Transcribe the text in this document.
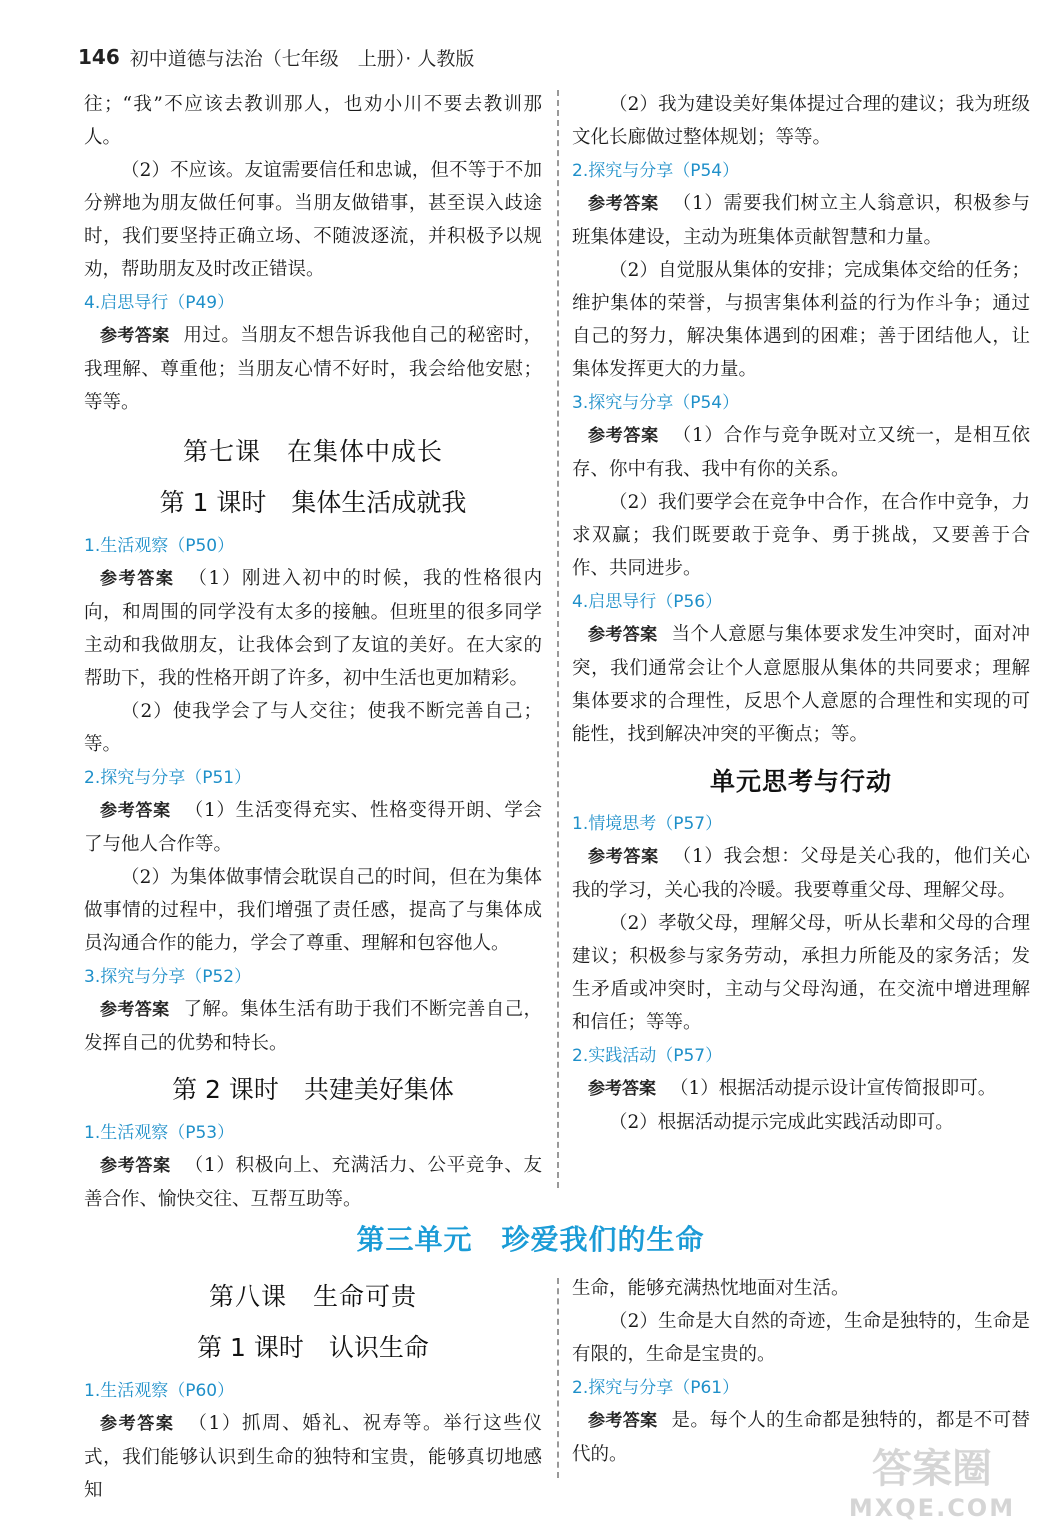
146 初中道德与法治（七年级　上册）· 人教版

往；“我”不应该去教训那人，也劝小川不要去教训那人。

（2）不应该。友谊需要信任和忠诚，但不等于不加分辨地为朋友做任何事。当朋友做错事，甚至误入歧途时，我们要坚持正确立场、不随波逐流，并积极予以规劝，帮助朋友及时改正错误。

4.启思导行（P49）

参考答案 用过。当朋友不想告诉我他自己的秘密时，我理解、尊重他；当朋友心情不好时，我会给他安慰；等等。

第七课　在集体中成长
第 1 课时　集体生活成就我
1.生活观察（P50）

参考答案 （1）刚进入初中的时候，我的性格很内向，和周围的同学没有太多的接触。但班里的很多同学主动和我做朋友，让我体会到了友谊的美好。在大家的帮助下，我的性格开朗了许多，初中生活也更加精彩。

（2）使我学会了与人交往；使我不断完善自己；等。

2.探究与分享（P51）

参考答案 （1）生活变得充实、性格变得开朗、学会了与他人合作等。

（2）为集体做事情会耽误自己的时间，但在为集体做事情的过程中，我们增强了责任感，提高了与集体成员沟通合作的能力，学会了尊重、理解和包容他人。

3.探究与分享（P52）

参考答案 了解。集体生活有助于我们不断完善自己，发挥自己的优势和特长。

第 2 课时　共建美好集体
1.生活观察（P53）

参考答案 （1）积极向上、充满活力、公平竞争、友善合作、愉快交往、互帮互助等。

（2）我为建设美好集体提过合理的建议；我为班级文化长廊做过整体规划；等等。

2.探究与分享（P54）

参考答案 （1）需要我们树立主人翁意识，积极参与班集体建设，主动为班集体贡献智慧和力量。

（2）自觉服从集体的安排；完成集体交给的任务；维护集体的荣誉，与损害集体利益的行为作斗争；通过自己的努力，解决集体遇到的困难；善于团结他人，让集体发挥更大的力量。

3.探究与分享（P54）

参考答案 （1）合作与竞争既对立又统一，是相互依存、你中有我、我中有你的关系。

（2）我们要学会在竞争中合作，在合作中竞争，力求双赢；我们既要敢于竞争、勇于挑战，又要善于合作、共同进步。

4.启思导行（P56）

参考答案 当个人意愿与集体要求发生冲突时，面对冲突，我们通常会让个人意愿服从集体的共同要求；理解集体要求的合理性，反思个人意愿的合理性和实现的可能性，找到解决冲突的平衡点；等。

单元思考与行动
1.情境思考（P57）

参考答案 （1）我会想：父母是关心我的，他们关心我的学习，关心我的冷暖。我要尊重父母、理解父母。

（2）孝敬父母，理解父母，听从长辈和父母的合理建议；积极参与家务劳动，承担力所能及的家务活；发生矛盾或冲突时，主动与父母沟通，在交流中增进理解和信任；等等。

2.实践活动（P57）

参考答案 （1）根据活动提示设计宣传简报即可。

（2）根据活动提示完成此实践活动即可。

第三单元　珍爱我们的生命
第八课　生命可贵
第 1 课时　认识生命
1.生活观察（P60）

参考答案 （1）抓周、婚礼、祝寿等。举行这些仪式，我们能够认识到生命的独特和宝贵，能够真切地感知

生命，能够充满热忱地面对生活。

（2）生命是大自然的奇迹，生命是独特的，生命是有限的，生命是宝贵的。

2.探究与分享（P61）

参考答案 是。每个人的生命都是独特的，都是不可替代的。	答案圈
MXQE.COM
